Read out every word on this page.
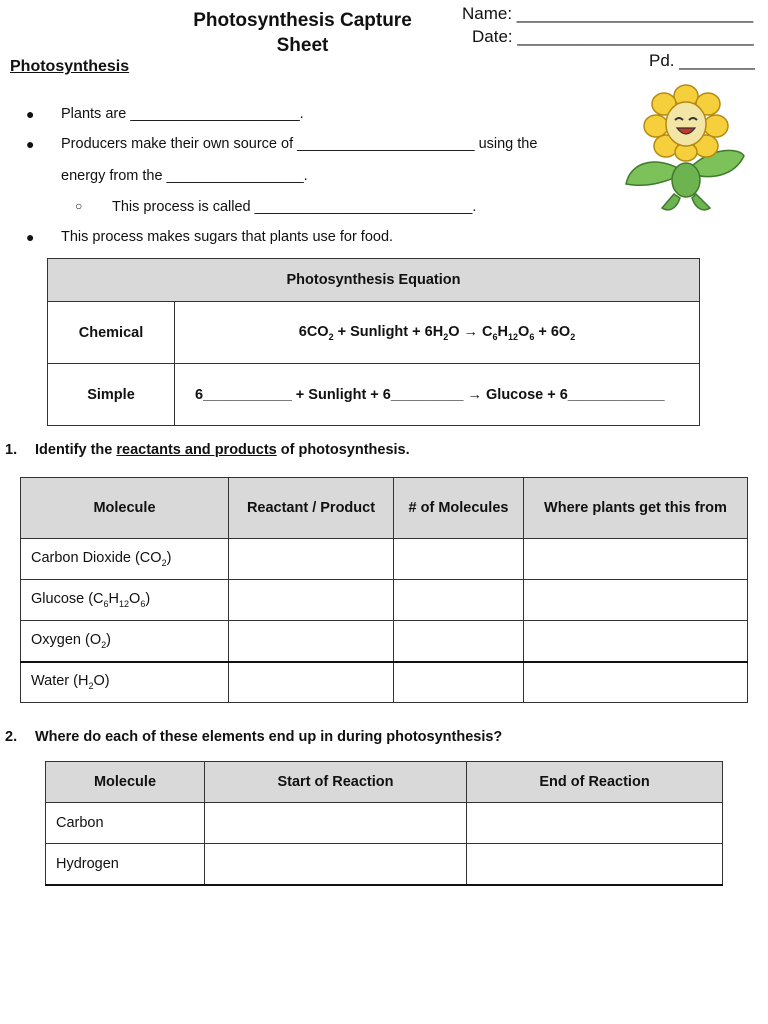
Photosynthesis Capture
Sheet
Name: _________________________
Date: _________________________
Pd. ________
Photosynthesis
● Plants are _____________________.
● Producers make their own source of ______________________ using the
energy from the _________________.
○ This process is called ___________________________.
● This process makes sugars that plants use for food.
Photosynthesis Equation	
Chemical	$6CO_2$ + Sunlight + $6H_2O \to C_6H_{12}O_6 + 6O_2$
Simple	6___________ + Sunlight + 6_________ → Glucose + 6____________
1. Identify the reactants and products of photosynthesis.
Molecule	Reactant / Product	# of Molecules	Where plants get this from
Carbon Dioxide $(CO_2)$			
Glucose $(C_6H_{12}O_6)$			
Oxygen $(O_2)$			
Water $(H_2O)$			
2. Where do each of these elements end up in during photosynthesis?
Molecule	Start of Reaction	End of Reaction
Carbon		
Hydrogen		
